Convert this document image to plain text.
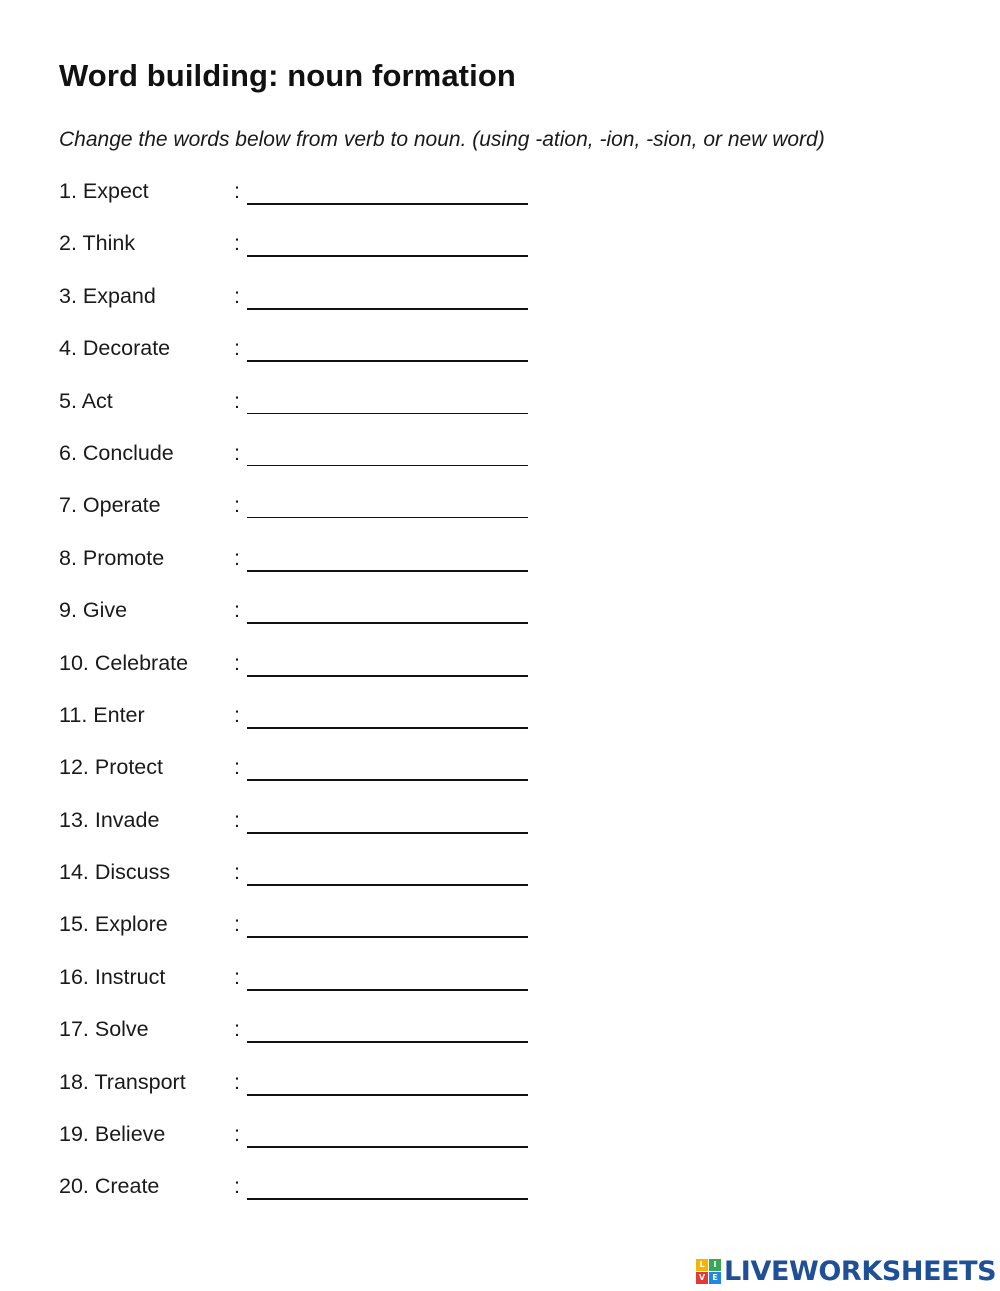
Word building: noun formation
Change the words below from verb to noun. (using -ation, -ion, -sion, or new word)
1. Expect	:
2. Think	:
3. Expand	:
4. Decorate	:
5. Act	:
6. Conclude	:
7. Operate	:
8. Promote	:
9. Give	:
10. Celebrate :
11. Enter	:
12. Protect	:
13. Invade	:
14. Discuss	:
15. Explore	:
16. Instruct	:
17. Solve	:
18. Transport :
19. Believe	:
20. Create	:
L	I
V E LIVEWORKSHEETS
